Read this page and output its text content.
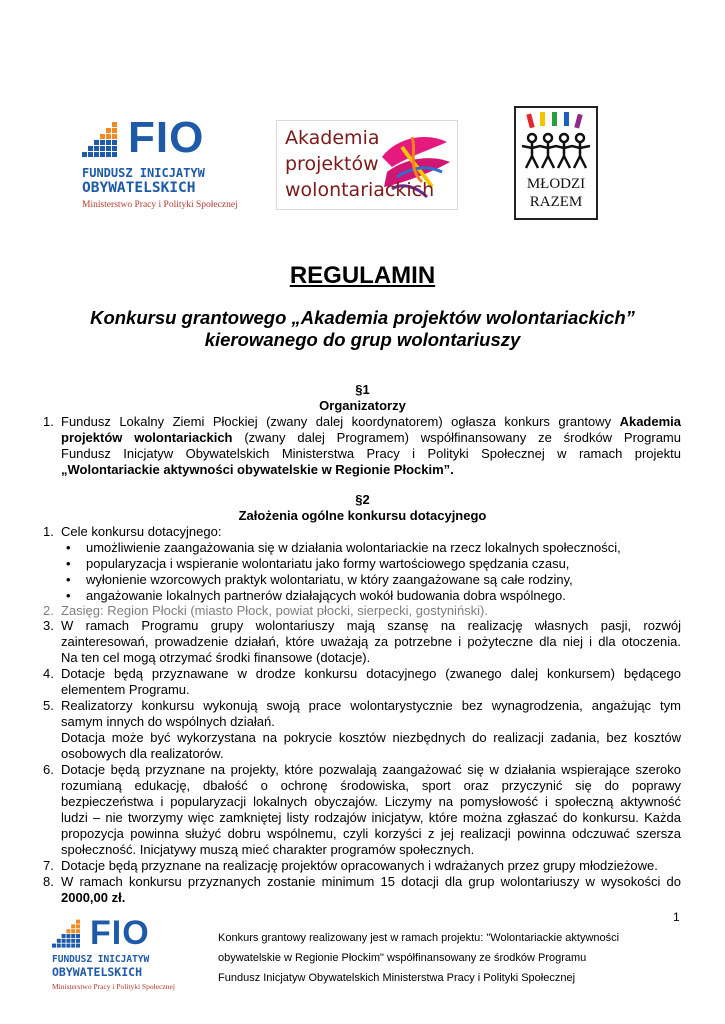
FIO
FUNDUSZ INICJATYW
OBYWATELSKICH
Ministerstwo Pracy i Polityki Społecznej
Akademia
projektów
wolontariackich	MŁODZI
RAZEM
REGULAMIN
Konkursu grantowego „Akademia projektów wolontariackich”
kierowanego do grup wolontariuszy
§1
Organizatorzy
1. Fundusz Lokalny Ziemi Płockiej (zwany dalej koordynatorem) ogłasza konkurs grantowy Akademia
projektów wolontariackich (zwany dalej Programem) współfinansowany ze środków Programu
Fundusz Inicjatyw Obywatelskich Ministerstwa Pracy i Polityki Społecznej w ramach projektu
„Wolontariackie aktywności obywatelskie w Regionie Płockim”.
§2
Założenia ogólne konkursu dotacyjnego
1. Cele konkursu dotacyjnego:
• umożliwienie zaangażowania się w działania wolontariackie na rzecz lokalnych społeczności,
• popularyzacja i wspieranie wolontariatu jako formy wartościowego spędzania czasu,
• wyłonienie wzorcowych praktyk wolontariatu, w który zaangażowane są całe rodziny,
• angażowanie lokalnych partnerów działających wokół budowania dobra wspólnego.
2. Zasięg: Region Płocki (miasto Płock, powiat płocki, sierpecki, gostyniński).
3. W ramach Programu grupy wolontariuszy mają szansę na realizację własnych pasji, rozwój
zainteresowań, prowadzenie działań, które uważają za potrzebne i pożyteczne dla niej i dla otoczenia.
Na ten cel mogą otrzymać środki finansowe (dotacje).
4. Dotacje będą przyznawane w drodze konkursu dotacyjnego (zwanego dalej konkursem) będącego
elementem Programu.
5. Realizatorzy konkursu wykonują swoją prace wolontarystycznie bez wynagrodzenia, angażując tym
samym innych do wspólnych działań.
Dotacja może być wykorzystana na pokrycie kosztów niezbędnych do realizacji zadania, bez kosztów
osobowych dla realizatorów.
6. Dotacje będą przyznane na projekty, które pozwalają zaangażować się w działania wspierające szeroko
rozumianą edukację, dbałość o ochronę środowiska, sport oraz przyczynić się do poprawy
bezpieczeństwa i popularyzacji lokalnych obyczajów. Liczymy na pomysłowość i społeczną aktywność
ludzi – nie tworzymy więc zamkniętej listy rodzajów inicjatyw, które można zgłaszać do konkursu. Każda
propozycja powinna służyć dobru wspólnemu, czyli korzyści z jej realizacji powinna odczuwać szersza
społeczność. Inicjatywy muszą mieć charakter programów społecznych.
7. Dotacje będą przyznane na realizację projektów opracowanych i wdrażanych przez grupy młodzieżowe.
8. W ramach konkursu przyznanych zostanie minimum 15 dotacji dla grup wolontariuszy w wysokości do
2000,00 zł.
1
FIO
FUNDUSZ INICJATYW
OBYWATELSKICH
Ministerstwo Pracy i Polityki Społecznej
Konkurs grantowy realizowany jest w ramach projektu: "Wolontariackie aktywności
obywatelskie w Regionie Płockim" współfinansowany ze środków Programu
Fundusz Inicjatyw Obywatelskich Ministerstwa Pracy i Polityki Społecznej
